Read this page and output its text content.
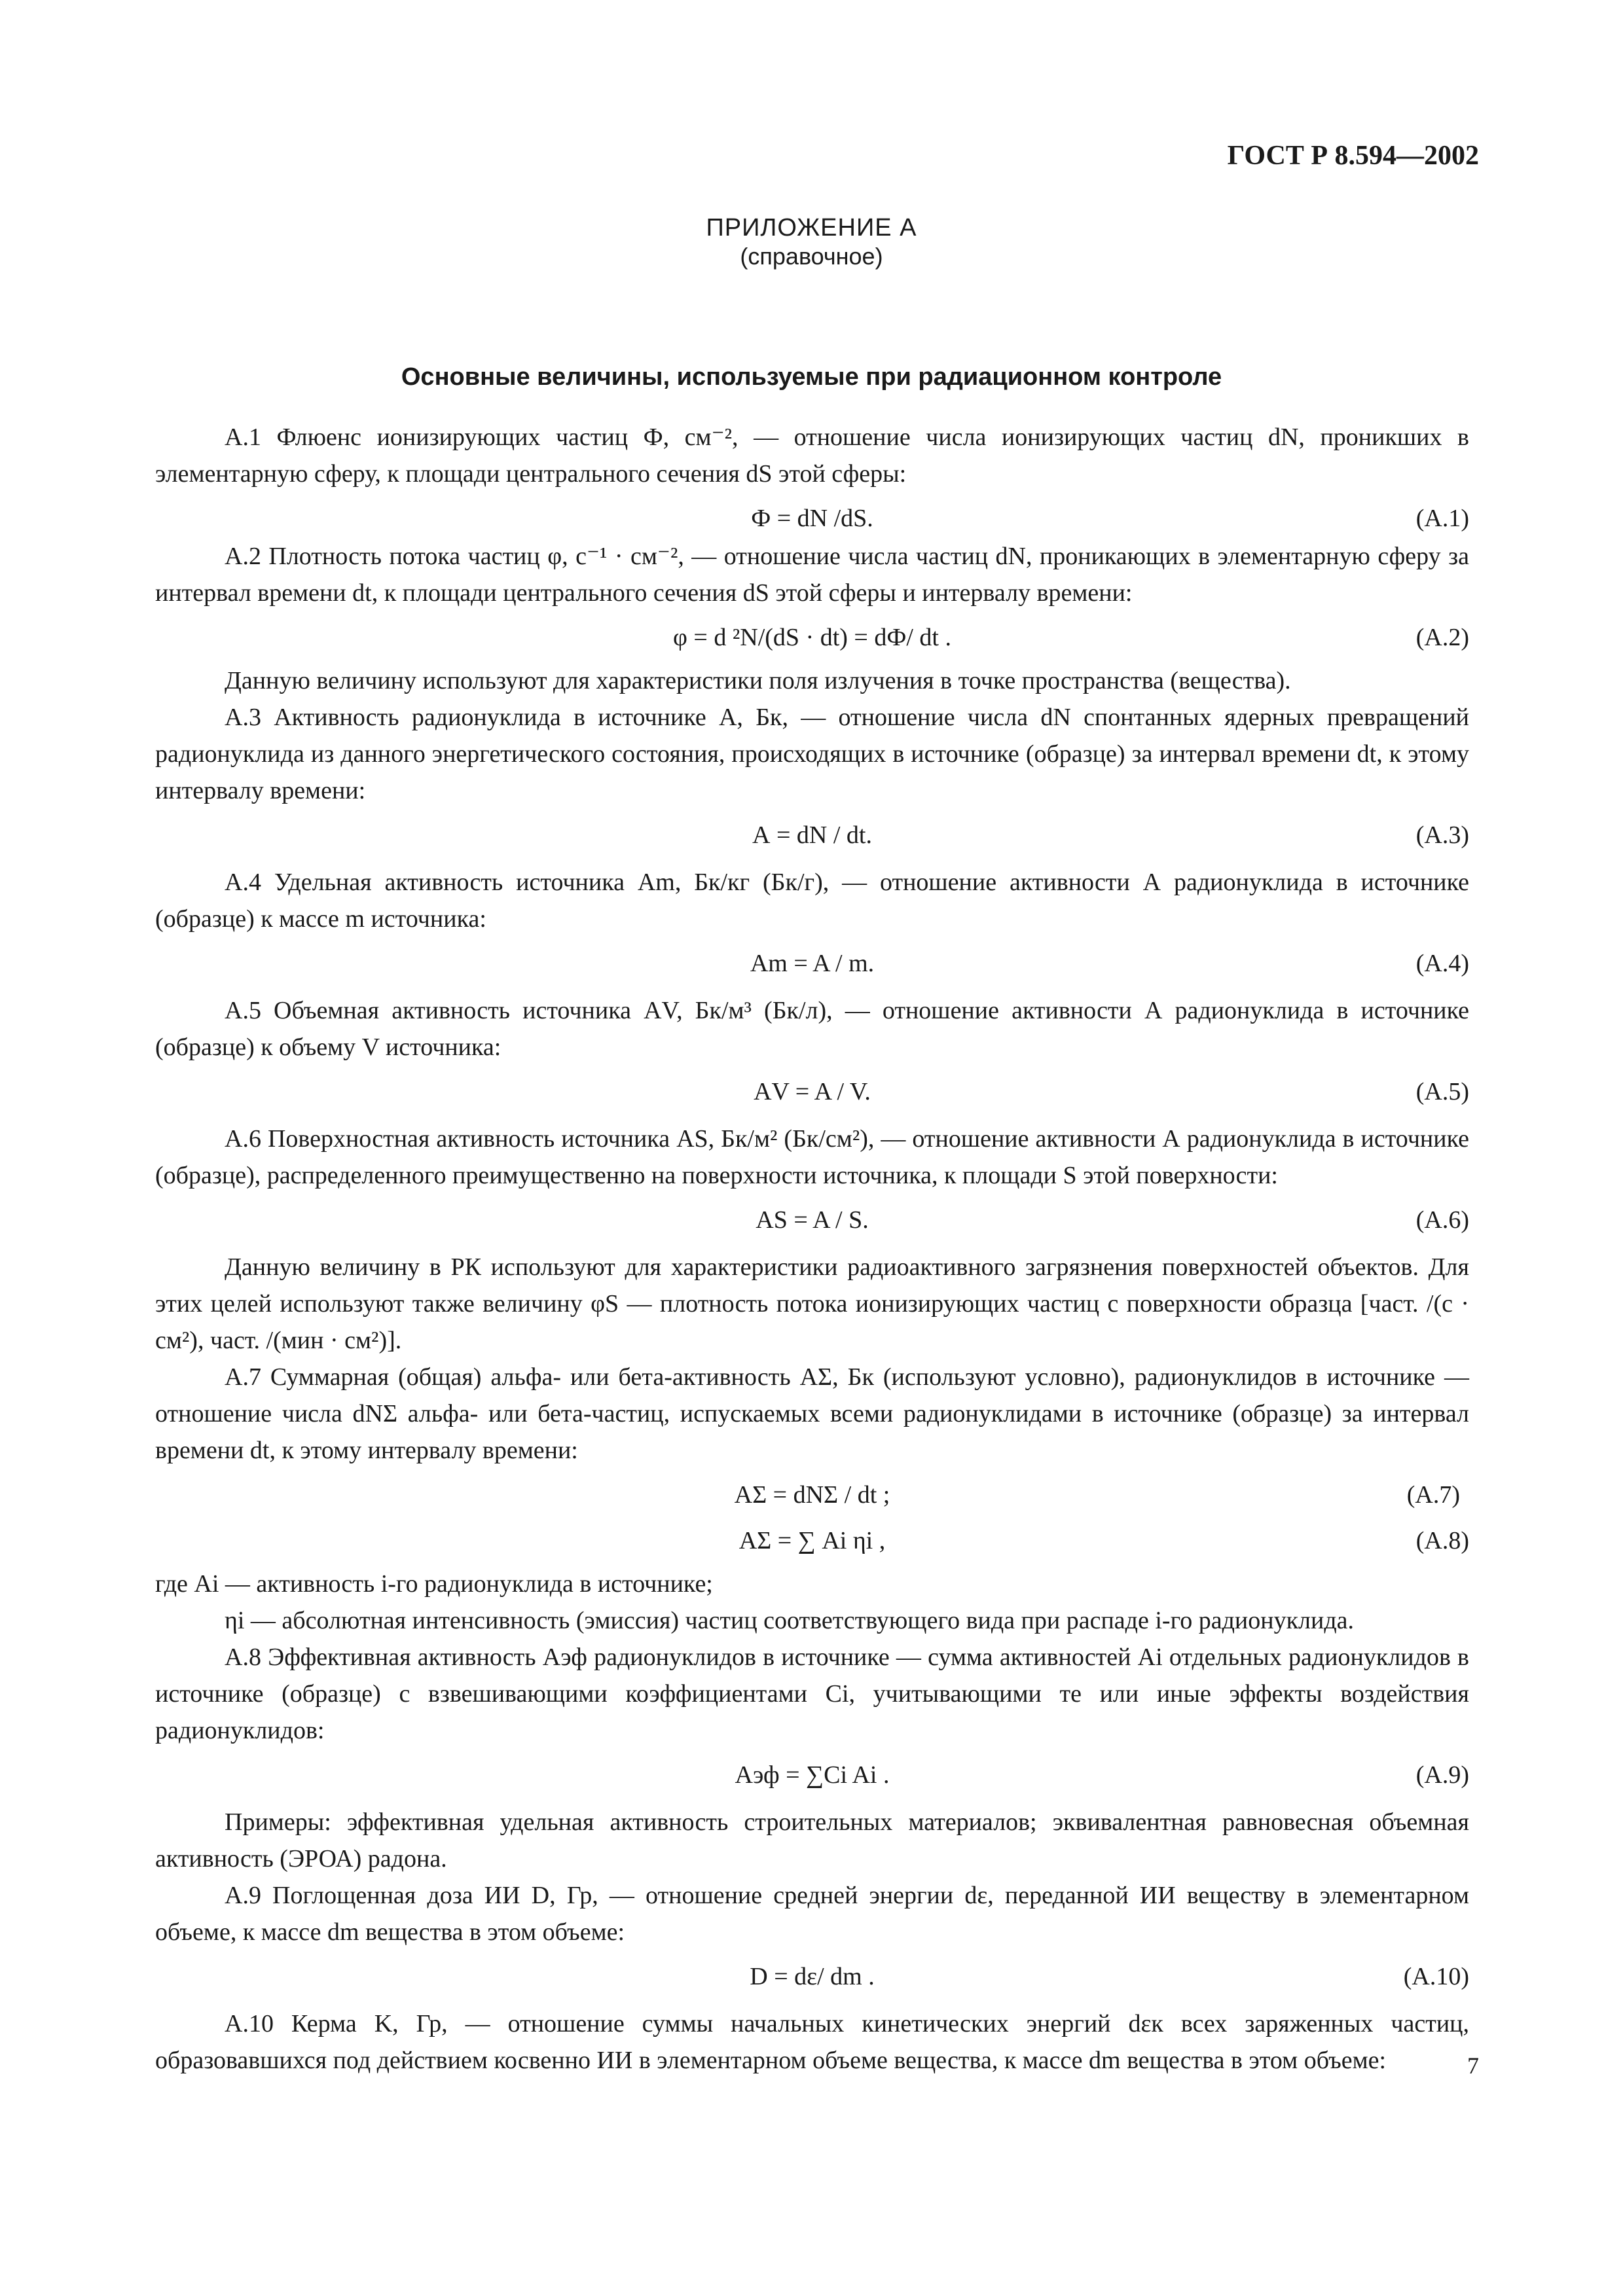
ГОСТ Р 8.594—2002
ПРИЛОЖЕНИЕ А
(справочное)
Основные величины, используемые при радиационном контроле

А.1 Флюенс ионизирующих частиц Ф, см⁻², — отношение числа ионизирующих частиц dN, проникших в элементарную сферу, к площади центрального сечения dS этой сферы:

Ф = dN /dS.	(А.1)

А.2 Плотность потока частиц φ, с⁻¹ · см⁻², — отношение числа частиц dN, проникающих в элементарную сферу за интервал времени dt, к площади центрального сечения dS этой сферы и интервалу времени:

φ = d ²N/(dS · dt) = dФ/ dt .	(А.2)

Данную величину используют для характеристики поля излучения в точке пространства (вещества).

А.3 Активность радионуклида в источнике А, Бк, — отношение числа dN спонтанных ядерных превращений радионуклида из данного энергетического состояния, происходящих в источнике (образце) за интервал времени dt, к этому интервалу времени:

А = dN / dt.	(А.3)

А.4 Удельная активность источника Аm, Бк/кг (Бк/г), — отношение активности А радионуклида в источнике (образце) к массе m источника:

Аm = A / m.	(А.4)

А.5 Объемная активность источника АV, Бк/м³ (Бк/л), — отношение активности А радионуклида в источнике (образце) к объему V источника:

АV = A / V.	(А.5)

А.6 Поверхностная активность источника АS, Бк/м² (Бк/см²), — отношение активности А радионуклида в источнике (образце), распределенного преимущественно на поверхности источника, к площади S этой поверхности:

АS = A / S.	(А.6)

Данную величину в РК используют для характеристики радиоактивного загрязнения поверхностей объектов. Для этих целей используют также величину φS — плотность потока ионизирующих частиц с поверхности образца [част. /(с · см²), част. /(мин · см²)].

А.7 Суммарная (общая) альфа- или бета-активность АΣ, Бк (используют условно), радионуклидов в источнике — отношение числа dNΣ альфа- или бета-частиц, испускаемых всеми радионуклидами в источнике (образце) за интервал времени dt, к этому интервалу времени:

АΣ = dNΣ / dt ;	(А.7)
АΣ = ∑ Ai ηi ,	(А.8)

где Ai — активность i-го радионуклида в источнике;

ηi — абсолютная интенсивность (эмиссия) частиц соответствующего вида при распаде i-го радионуклида.

А.8 Эффективная активность Аэф радионуклидов в источнике — сумма активностей Аi отдельных радионуклидов в источнике (образце) с взвешивающими коэффициентами Ci, учитывающими те или иные эффекты воздействия радионуклидов:

Аэф = ∑Ci Ai .	(А.9)

Примеры: эффективная удельная активность строительных материалов; эквивалентная равновесная объемная активность (ЭРОА) радона.

А.9 Поглощенная доза ИИ D, Гр, — отношение средней энергии dε, переданной ИИ веществу в элементарном объеме, к массе dm вещества в этом объеме:

D = dε/ dm .	(А.10)

А.10 Керма K, Гр, — отношение суммы начальных кинетических энергий dεк всех заряженных частиц, образовавшихся под действием косвенно ИИ в элементарном объеме вещества, к массе dm вещества в этом объеме:	7
